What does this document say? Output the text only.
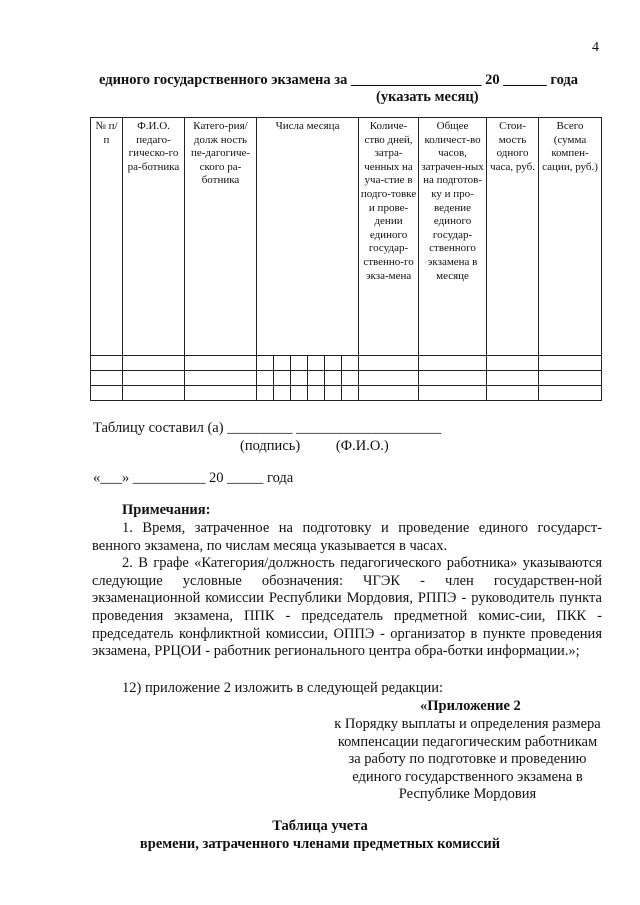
4
единого государственного экзамена за __________________ 20 ______ года
(указать месяц)
№ п/ п	Ф.И.О. педаго-гическо-го ра-ботника	Катего-рия/долж ность пе-дагогиче-ского ра-ботника	Числа месяца						Количе-ство дней, затра-ченных на уча-стие в подго-товке и прове-дении единого государ-ственно-го экза-мена	Общее количест-во часов, затрачен-ных на подготов-ку и про-ведение единого государ-ственного экзамена в месяце	Стои-мость одного часа, руб.	Всего (сумма компен-сации, руб.)

Таблицу составил (а) _________ ____________________
(подпись) (Ф.И.О.)
«___» __________ 20 _____ года
Примечания:

1. Время, затраченное на подготовку и проведение единого государст-венного экзамена, по числам месяца указывается в часах.

2. В графе «Категория/должность педагогического работника» указываются следующие условные обозначения: ЧГЭК - член государствен-ной экзаменационной комиссии Республики Мордовия, РППЭ - руководитель пункта проведения экзамена, ППК - председатель предметной комис-сии, ПКК - председатель конфликтной комиссии, ОППЭ - организатор в пункте проведения экзамена, РРЦОИ - работник регионального центра обра-ботки информации.»;

12) приложение 2 изложить в следующей редакции:
«Приложение 2
к Порядку выплаты и определения размера компенсации педагогическим работникам за работу по подготовке и проведению единого государственного экзамена в Республике Мордовия
Таблица учета
времени, затраченного членами предметных комиссий
